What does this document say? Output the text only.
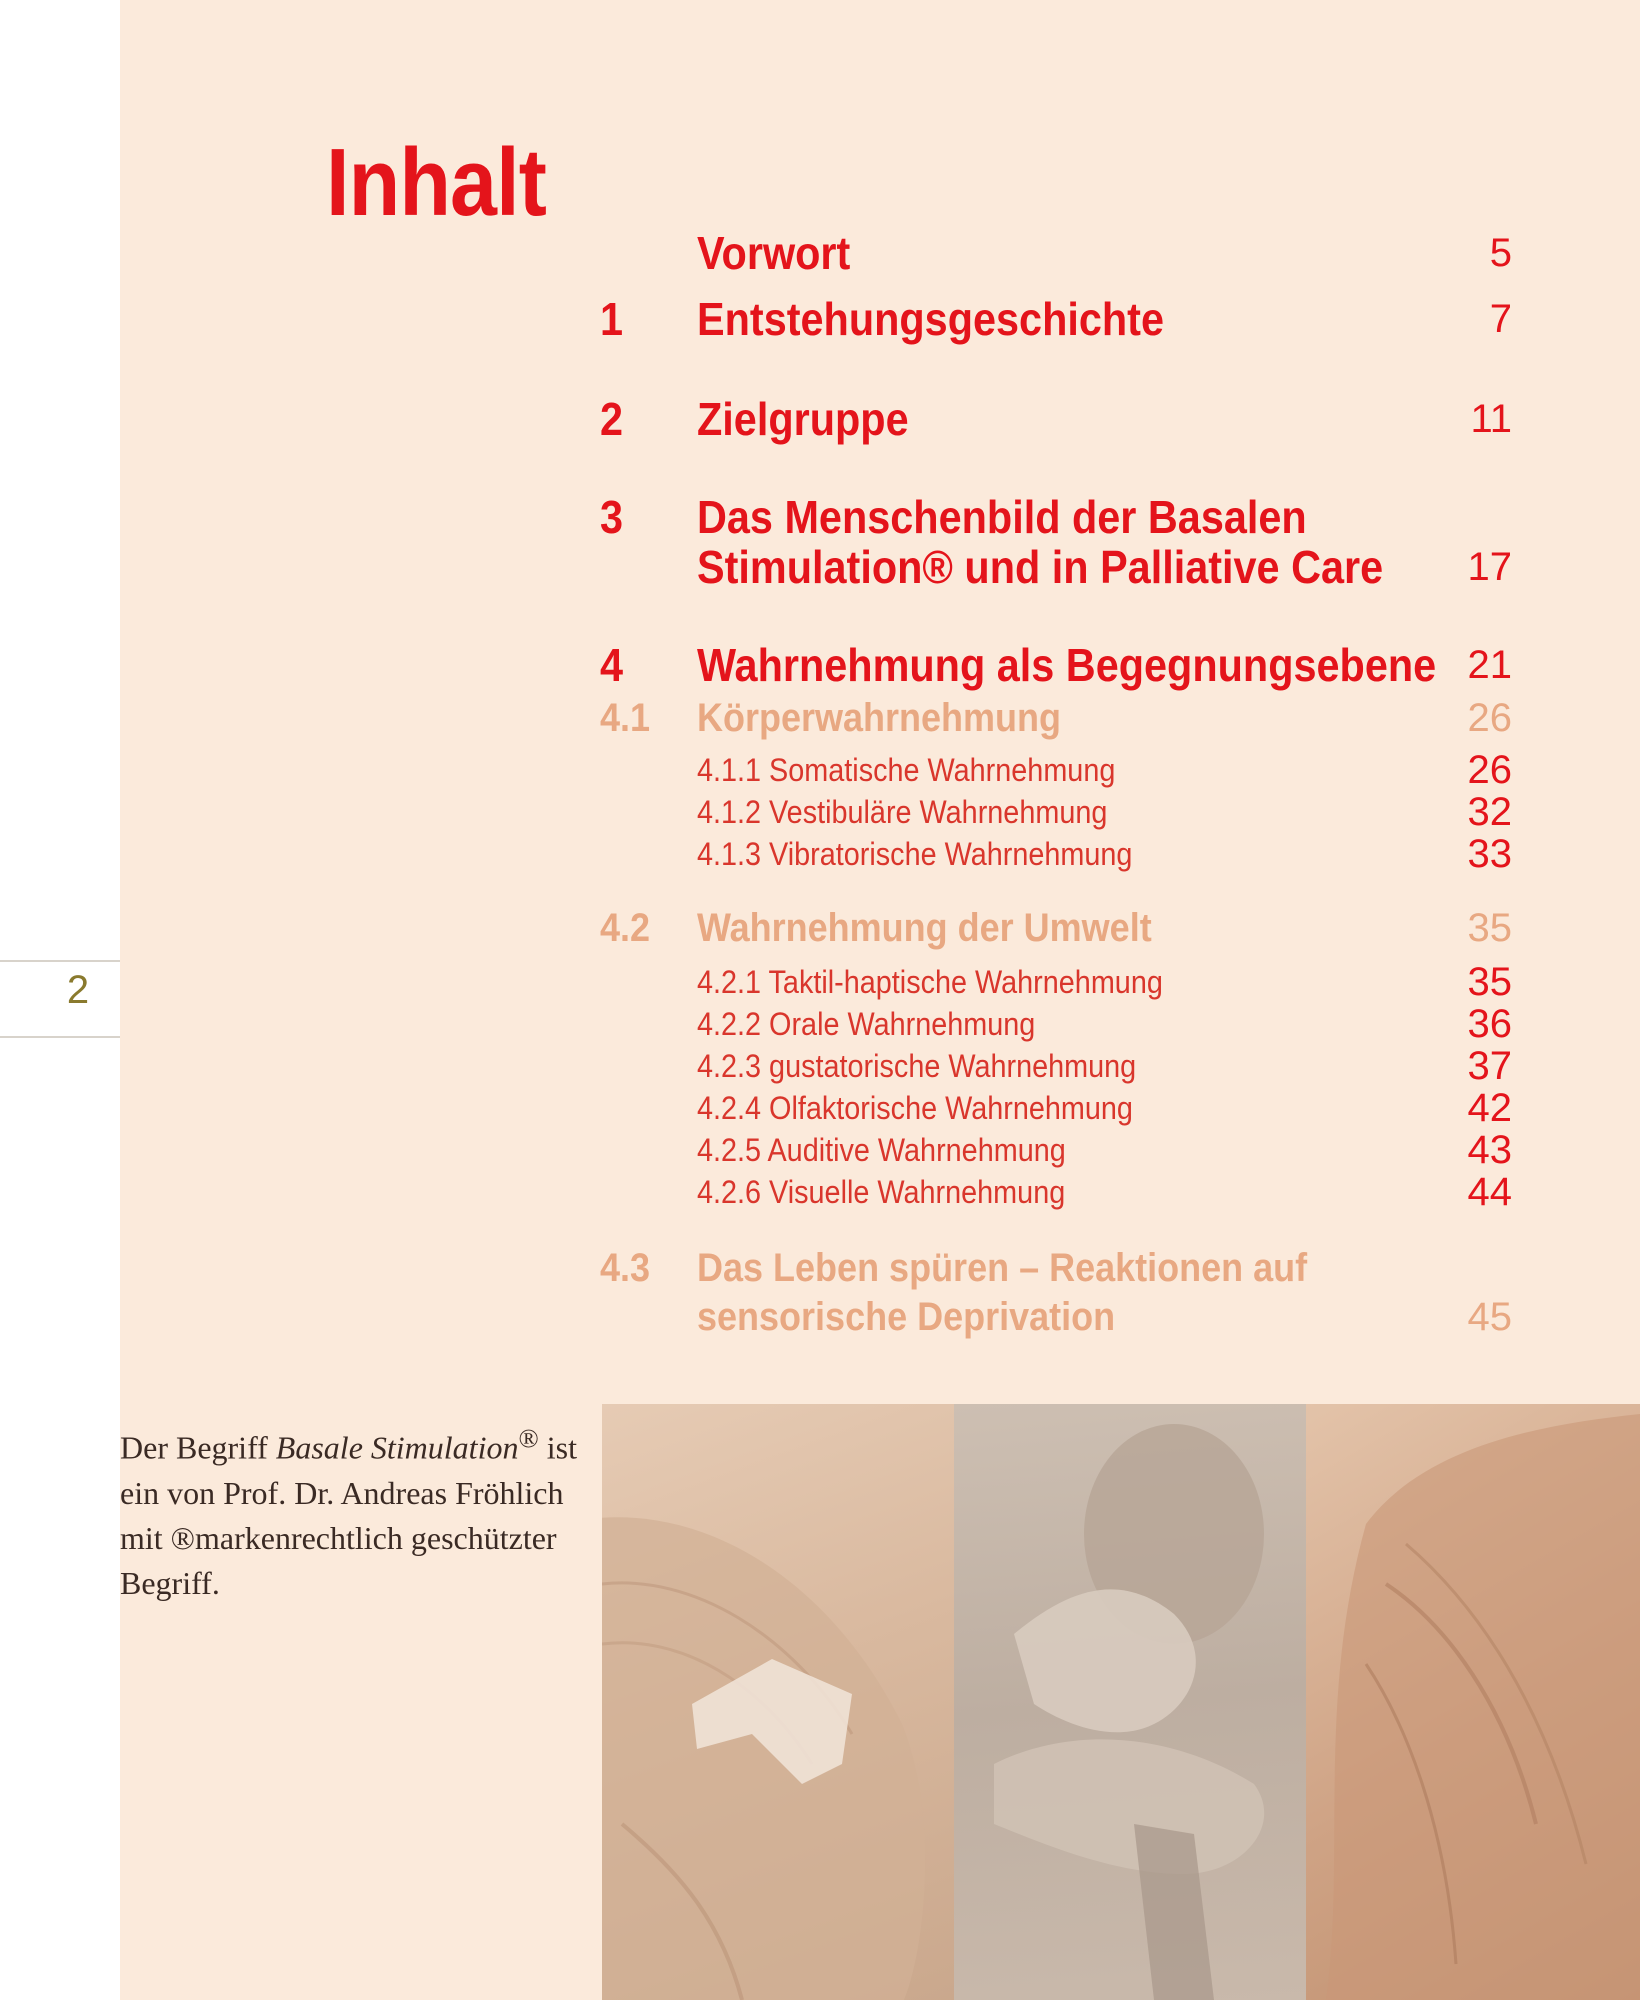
2
Inhalt
Vorwort	5
1 Entstehungsgeschichte	7
2 Zielgruppe	11
3 Das Menschenbild der Basalen
Stimulation® und in Palliative Care 17
4 Wahrnehmung als Begegnungsebene 21
4.1 Körperwahrnehmung	26
4.1.1 Somatische Wahrnehmung	26
4.1.2 Vestibuläre Wahrnehmung	32
4.1.3 Vibratorische Wahrnehmung	33
4.2 Wahrnehmung der Umwelt	35
4.2.1 Taktil-haptische Wahrnehmung	35
4.2.2 Orale Wahrnehmung	36
4.2.3 gustatorische Wahrnehmung	37
4.2.4 Olfaktorische Wahrnehmung	42
4.2.5 Auditive Wahrnehmung	43
4.2.6 Visuelle Wahrnehmung	44
4.3 Das Leben spüren – Reaktionen auf
sensorische Deprivation	45

Der Begriff Basale Stimulation® ist ein von Prof. Dr. Andreas Fröhlich mit ®markenrechtlich geschützter Begriff.
